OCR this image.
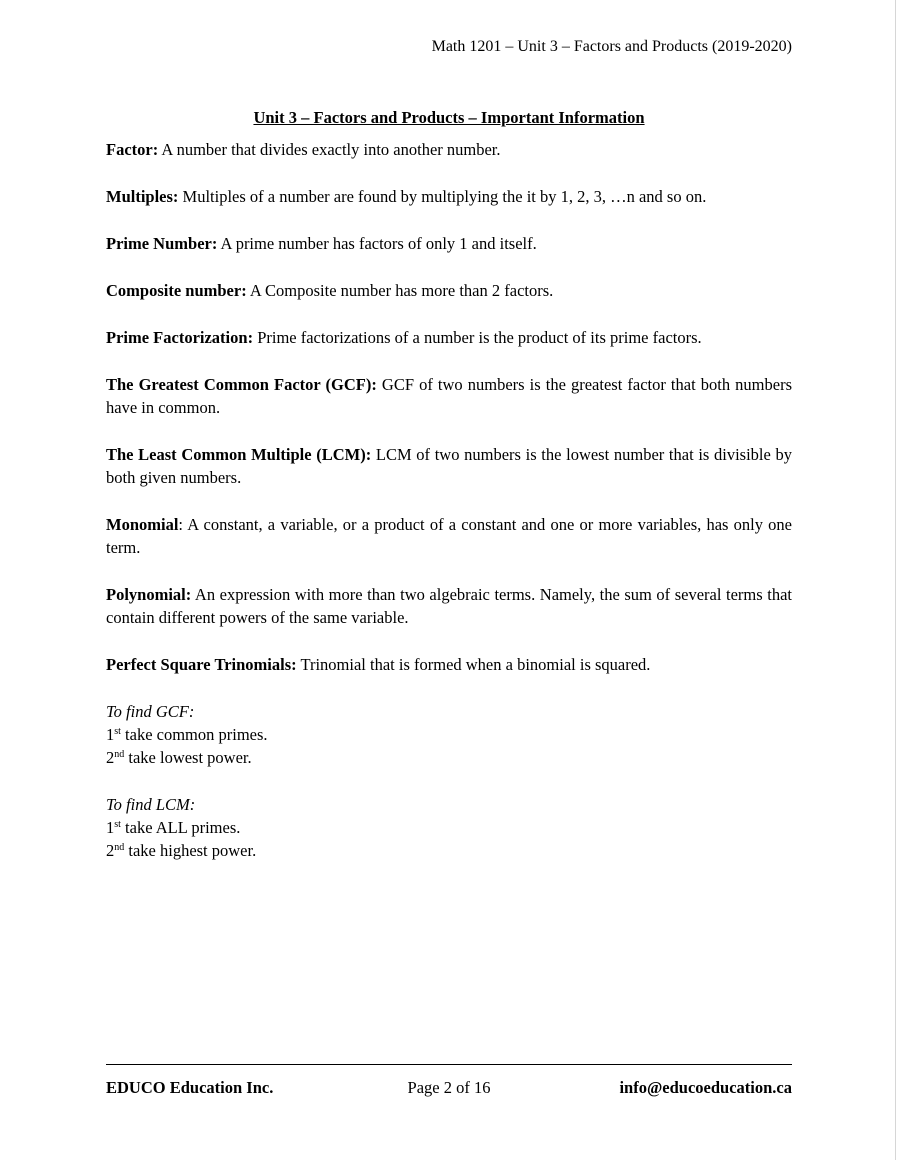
Math 1201 – Unit 3 – Factors and Products (2019-2020)
Unit 3 – Factors and Products – Important Information

Factor: A number that divides exactly into another number.

Multiples: Multiples of a number are found by multiplying the it by 1, 2, 3, …n and so on.

Prime Number: A prime number has factors of only 1 and itself.

Composite number: A Composite number has more than 2 factors.

Prime Factorization: Prime factorizations of a number is the product of its prime factors.

The Greatest Common Factor (GCF): GCF of two numbers is the greatest factor that both numbers have in common.

The Least Common Multiple (LCM): LCM of two numbers is the lowest number that is divisible by both given numbers.

Monomial: A constant, a variable, or a product of a constant and one or more variables, has only one term.

Polynomial: An expression with more than two algebraic terms. Namely, the sum of several terms that contain different powers of the same variable.

Perfect Square Trinomials: Trinomial that is formed when a binomial is squared.

To find GCF:
1st take common primes.
2nd take lowest power.
To find LCM:
1st take ALL primes.
2nd take highest power.
EDUCO Education Inc.	Page 2 of 16	info@educoeducation.ca
